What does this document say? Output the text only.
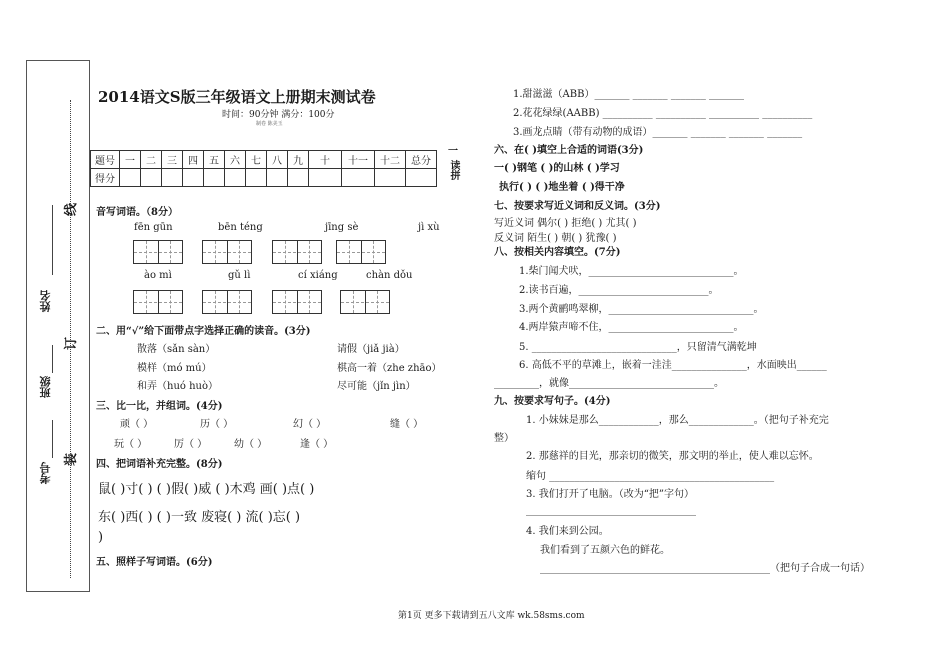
线
订
装
姓名
班级
考号
2014语文S版三年级语文上册期末测试卷
时间：90分钟 满分：100分
制卷 陈美玉
题号	一	二	三	四	五	六	七	八	九	十	十一	十二	总分
得分													
一
读拼
音写词语。（8分）
fēn gūn	bēn téng	jīng sè	jì xù
ào mì	gǔ lì	cí xiáng	chàn dǒu
二、用“√”给下面带点字选择正确的读音。(3分)
散落（sǎn sàn）	请假（jiǎ jià）
模样（mó mú）	棋高一着（zhe zhāo）
和弄（huó huò）	尽可能（jǐn jìn）
三、比一比，并组词。(4分)
顽（ ）	历（ ）	幻（ ）	缝（ ）
玩（ ）	厉（ ）	幼（ ）	逢（ ）
四、把词语补充完整。(8分)
鼠( )寸( ) ( )假( )威 ( )木鸡 画( )点( )
东( )西( ) ( )一致 废寝( ) 流( )忘( )
)
五、照样子写词语。(6分)
1.甜滋滋（ABB）_______ _______ _______ _______
2.花花绿绿(AABB) __________ __________ __________ __________
3.画龙点睛（带有动物的成语）_______ _______ _______ _______
六、在( )填空上合适的词语(3分)
一( )钢笔 ( )的山林 ( )学习
执行( ) ( )地坐着 ( )得干净
七、按要求写近义词和反义词。(3分)
写近义词 偶尔( ) 拒绝( ) 尤其( )
反义词 陌生( ) 朝( ) 犹豫( )
八、按相关内容填空。(7分)
1.柴门闻犬吠，_____________________________。
2.读书百遍，__________________________。
3.两个黄鹂鸣翠柳，_____________________________。
4.两岸猿声啼不住，_________________________。
5. _____________________________，只留清气满乾坤
6. 高低不平的草滩上，嵌着一洼洼_______________，水面映出______
_________，就像_____________________________。
九、按要求写句子。(4分)
1. 小妹妹是那么____________，那么_____________。（把句子补充完
整）
2. 那慈祥的目光，那亲切的微笑，那文明的举止，使人难以忘怀。
缩句 _____________________________________________
3. 我们打开了电脑。（改为“把”字句）
__________________________________
4. 我们来到公园。
我们看到了五颜六色的鲜花。
______________________________________________（把句子合成一句话）
第1页 更多下载请到五八文库 wk.58sms.com
